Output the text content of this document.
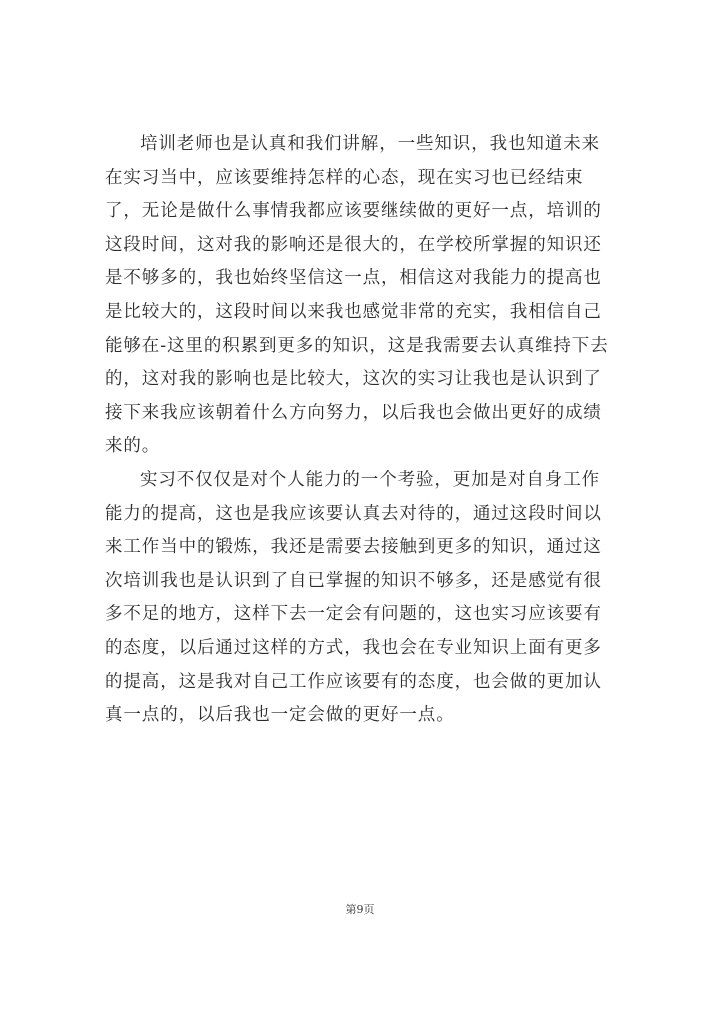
培训老师也是认真和我们讲解，一些知识，我也知道未来
在实习当中，应该要维持怎样的心态，现在实习也已经结束
了，无论是做什么事情我都应该要继续做的更好一点，培训的
这段时间，这对我的影响还是很大的，在学校所掌握的知识还
是不够多的，我也始终坚信这一点，相信这对我能力的提高也
是比较大的，这段时间以来我也感觉非常的充实，我相信自己
能够在-这里的积累到更多的知识，这是我需要去认真维持下去
的，这对我的影响也是比较大，这次的实习让我也是认识到了
接下来我应该朝着什么方向努力，以后我也会做出更好的成绩
来的。
实习不仅仅是对个人能力的一个考验，更加是对自身工作
能力的提高，这也是我应该要认真去对待的，通过这段时间以
来工作当中的锻炼，我还是需要去接触到更多的知识，通过这
次培训我也是认识到了自已掌握的知识不够多，还是感觉有很
多不足的地方，这样下去一定会有问题的，这也实习应该要有
的态度，以后通过这样的方式，我也会在专业知识上面有更多
的提高，这是我对自己工作应该要有的态度，也会做的更加认
真一点的，以后我也一定会做的更好一点。
第9页
